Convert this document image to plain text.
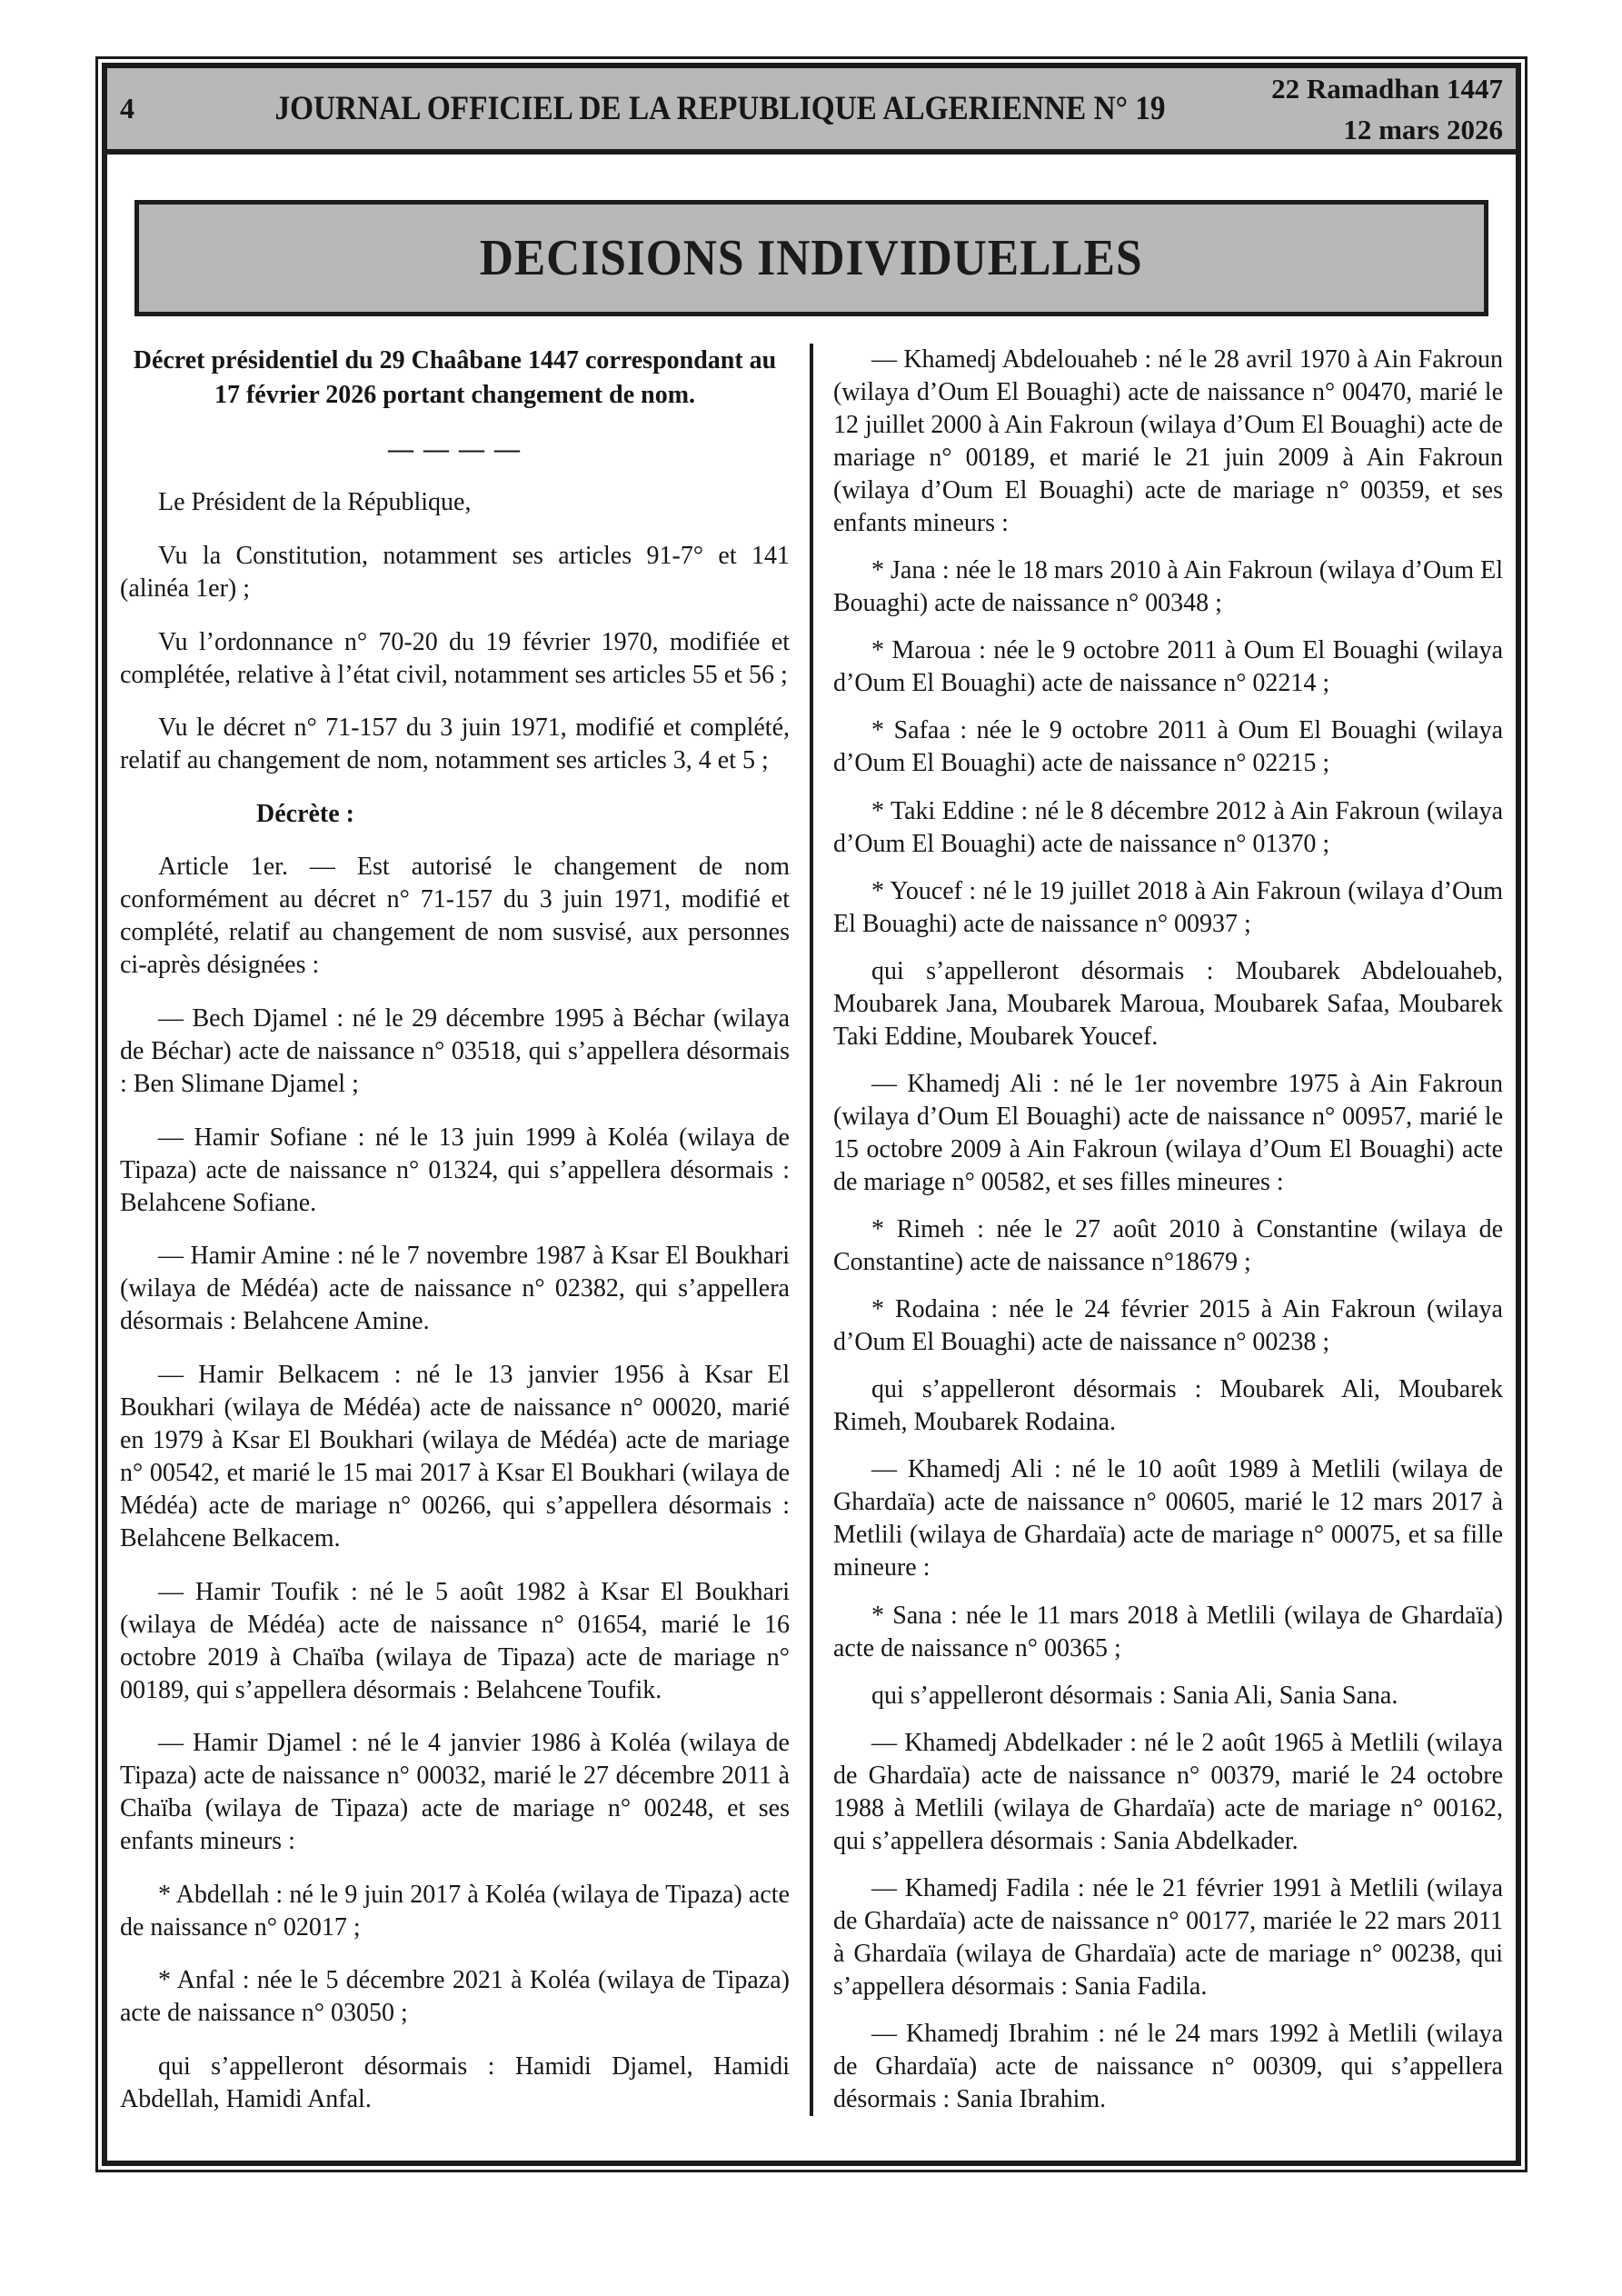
4	JOURNAL OFFICIEL DE LA REPUBLIQUE ALGERIENNE N° 19
22 Ramadhan 1447
12 mars 2026
DECISIONS INDIVIDUELLES

Décret présidentiel du 29 Chaâbane 1447 correspondant au 17 février 2026 portant changement de nom.

— — — —

Le Président de la République,

Vu la Constitution, notamment ses articles 91-7° et 141 (alinéa 1er) ;

Vu l’ordonnance n° 70-20 du 19 février 1970, modifiée et complétée, relative à l’état civil, notamment ses articles 55 et 56 ;

Vu le décret n° 71-157 du 3 juin 1971, modifié et complété, relatif au changement de nom, notamment ses articles 3, 4 et 5 ;

Décrète :

Article 1er. — Est autorisé le changement de nom conformément au décret n° 71-157 du 3 juin 1971, modifié et complété, relatif au changement de nom susvisé, aux personnes ci-après désignées :

— Bech Djamel : né le 29 décembre 1995 à Béchar (wilaya de Béchar) acte de naissance n° 03518, qui s’appellera désormais : Ben Slimane Djamel ;

— Hamir Sofiane : né le 13 juin 1999 à Koléa (wilaya de Tipaza) acte de naissance n° 01324, qui s’appellera désormais : Belahcene Sofiane.

— Hamir Amine : né le 7 novembre 1987 à Ksar El Boukhari (wilaya de Médéa) acte de naissance n° 02382, qui s’appellera désormais : Belahcene Amine.

— Hamir Belkacem : né le 13 janvier 1956 à Ksar El Boukhari (wilaya de Médéa) acte de naissance n° 00020, marié en 1979 à Ksar El Boukhari (wilaya de Médéa) acte de mariage n° 00542, et marié le 15 mai 2017 à Ksar El Boukhari (wilaya de Médéa) acte de mariage n° 00266, qui s’appellera désormais : Belahcene Belkacem.

— Hamir Toufik : né le 5 août 1982 à Ksar El Boukhari (wilaya de Médéa) acte de naissance n° 01654, marié le 16 octobre 2019 à Chaïba (wilaya de Tipaza) acte de mariage n° 00189, qui s’appellera désormais : Belahcene Toufik.

— Hamir Djamel : né le 4 janvier 1986 à Koléa (wilaya de Tipaza) acte de naissance n° 00032, marié le 27 décembre 2011 à Chaïba (wilaya de Tipaza) acte de mariage n° 00248, et ses enfants mineurs :

* Abdellah : né le 9 juin 2017 à Koléa (wilaya de Tipaza) acte de naissance n° 02017 ;

* Anfal : née le 5 décembre 2021 à Koléa (wilaya de Tipaza) acte de naissance n° 03050 ;

qui s’appelleront désormais : Hamidi Djamel, Hamidi Abdellah, Hamidi Anfal.

— Khamedj Abdelouaheb : né le 28 avril 1970 à Ain Fakroun (wilaya d’Oum El Bouaghi) acte de naissance n° 00470, marié le 12 juillet 2000 à Ain Fakroun (wilaya d’Oum El Bouaghi) acte de mariage n° 00189, et marié le 21 juin 2009 à Ain Fakroun (wilaya d’Oum El Bouaghi) acte de mariage n° 00359, et ses enfants mineurs :

* Jana : née le 18 mars 2010 à Ain Fakroun (wilaya d’Oum El Bouaghi) acte de naissance n° 00348 ;

* Maroua : née le 9 octobre 2011 à Oum El Bouaghi (wilaya d’Oum El Bouaghi) acte de naissance n° 02214 ;

* Safaa : née le 9 octobre 2011 à Oum El Bouaghi (wilaya d’Oum El Bouaghi) acte de naissance n° 02215 ;

* Taki Eddine : né le 8 décembre 2012 à Ain Fakroun (wilaya d’Oum El Bouaghi) acte de naissance n° 01370 ;

* Youcef : né le 19 juillet 2018 à Ain Fakroun (wilaya d’Oum El Bouaghi) acte de naissance n° 00937 ;

qui s’appelleront désormais : Moubarek Abdelouaheb, Moubarek Jana, Moubarek Maroua, Moubarek Safaa, Moubarek Taki Eddine, Moubarek Youcef.

— Khamedj Ali : né le 1er novembre 1975 à Ain Fakroun (wilaya d’Oum El Bouaghi) acte de naissance n° 00957, marié le 15 octobre 2009 à Ain Fakroun (wilaya d’Oum El Bouaghi) acte de mariage n° 00582, et ses filles mineures :

* Rimeh : née le 27 août 2010 à Constantine (wilaya de Constantine) acte de naissance n°18679 ;

* Rodaina : née le 24 février 2015 à Ain Fakroun (wilaya d’Oum El Bouaghi) acte de naissance n° 00238 ;

qui s’appelleront désormais : Moubarek Ali, Moubarek Rimeh, Moubarek Rodaina.

— Khamedj Ali : né le 10 août 1989 à Metlili (wilaya de Ghardaïa) acte de naissance n° 00605, marié le 12 mars 2017 à Metlili (wilaya de Ghardaïa) acte de mariage n° 00075, et sa fille mineure :

* Sana : née le 11 mars 2018 à Metlili (wilaya de Ghardaïa) acte de naissance n° 00365 ;

qui s’appelleront désormais : Sania Ali, Sania Sana.

— Khamedj Abdelkader : né le 2 août 1965 à Metlili (wilaya de Ghardaïa) acte de naissance n° 00379, marié le 24 octobre 1988 à Metlili (wilaya de Ghardaïa) acte de mariage n° 00162, qui s’appellera désormais : Sania Abdelkader.

— Khamedj Fadila : née le 21 février 1991 à Metlili (wilaya de Ghardaïa) acte de naissance n° 00177, mariée le 22 mars 2011 à Ghardaïa (wilaya de Ghardaïa) acte de mariage n° 00238, qui s’appellera désormais : Sania Fadila.

— Khamedj Ibrahim : né le 24 mars 1992 à Metlili (wilaya de Ghardaïa) acte de naissance n° 00309, qui s’appellera désormais : Sania Ibrahim.
